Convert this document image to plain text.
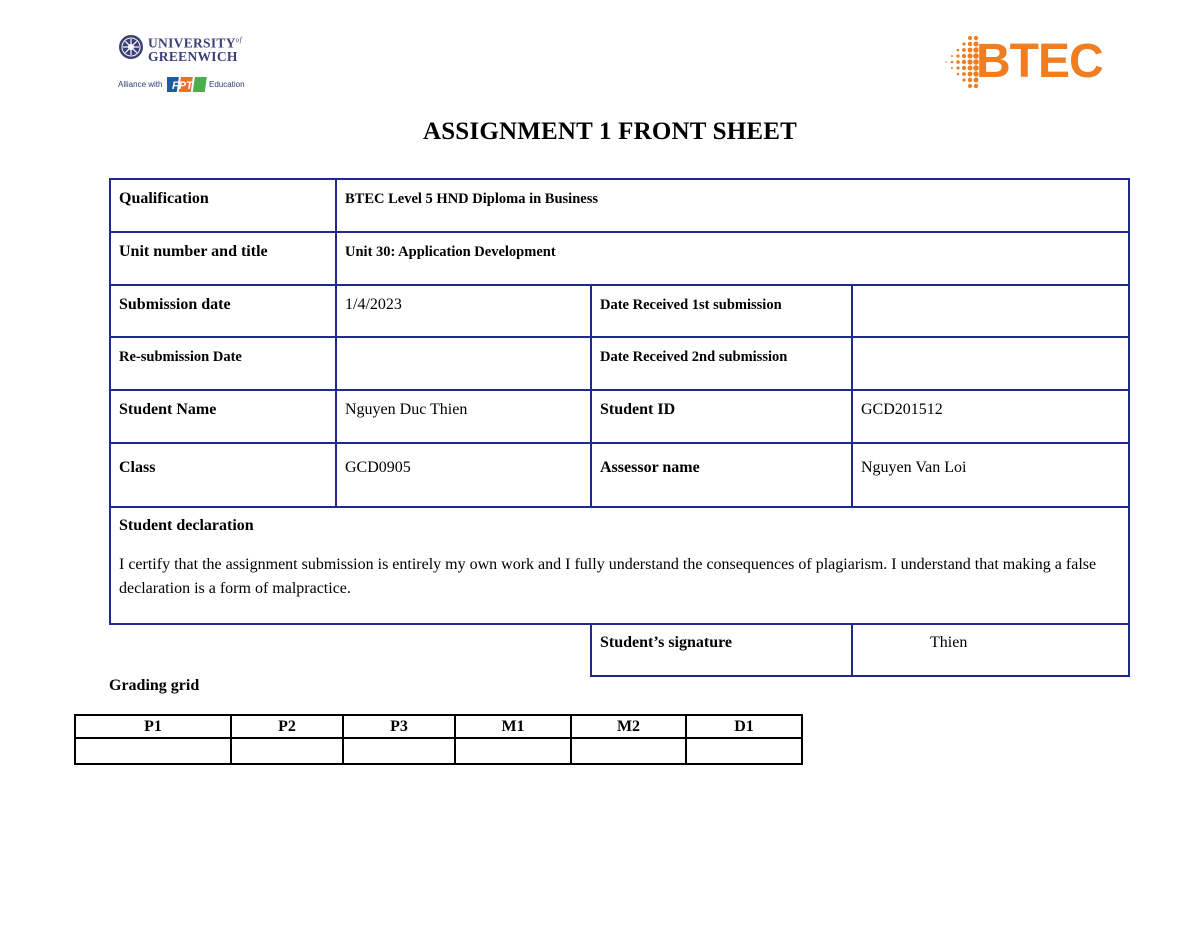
$UNIVERSITY^{of}$
GREENWICH
Alliance with FPT Education	BTEC
ASSIGNMENT 1 FRONT SHEET
Qualification	BTEC Level 5 HND Diploma in Business		
Unit number and title	Unit 30: Application Development		
Submission date	1/4/2023	Date Received 1st submission	
Re-submission Date		Date Received 2nd submission	
Student Name	Nguyen Duc Thien	Student ID	GCD201512
Class	GCD0905	Assessor name	Nguyen Van Loi

Student declaration
I certify that the assignment submission is entirely my own work and I fully understand the consequences of plagiarism. I understand that making a false declaration is a form of malpractice.			

		Student’s signature	Thien
Grading grid
P1	P2	P3	M1	M2	D1
